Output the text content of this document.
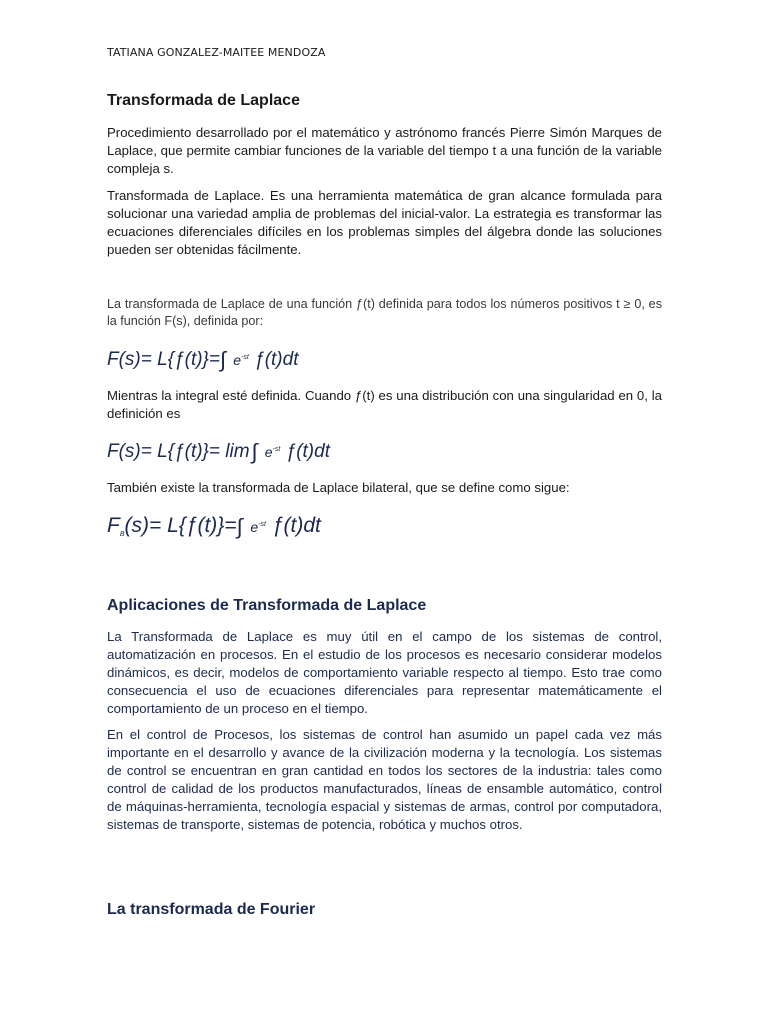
TATIANA GONZALEZ-MAITEE MENDOZA
Transformada de Laplace
Procedimiento desarrollado por el matemático y astrónomo francés Pierre Simón Marques de Laplace, que permite cambiar funciones de la variable del tiempo t a una función de la variable compleja s.
Transformada de Laplace. Es una herramienta matemática de gran alcance formulada para solucionar una variedad amplia de problemas del inicial-valor. La estrategia es transformar las ecuaciones diferenciales difíciles en los problemas simples del álgebra donde las soluciones pueden ser obtenidas fácilmente.
La transformada de Laplace de una función ƒ(t) definida para todos los números positivos t ≥ 0, es la función F(s), definida por:
F(s)= L{ƒ(t)}=∫ $e^{-st}$ ƒ(t)dt
Mientras la integral esté definida. Cuando ƒ(t) es una distribución con una singularidad en 0, la definición es
F(s)= L{ƒ(t)}= lim ∫ $e^{-st}$ ƒ(t)dt
También existe la transformada de Laplace bilateral, que se define como sigue:
$F_B(s)=$ L{ƒ(t)}=∫ $e^{-st}$ ƒ(t)dt
Aplicaciones de Transformada de Laplace
La Transformada de Laplace es muy útil en el campo de los sistemas de control, automatización en procesos. En el estudio de los procesos es necesario considerar modelos dinámicos, es decir, modelos de comportamiento variable respecto al tiempo. Esto trae como consecuencia el uso de ecuaciones diferenciales para representar matemáticamente el comportamiento de un proceso en el tiempo.
En el control de Procesos, los sistemas de control han asumido un papel cada vez más importante en el desarrollo y avance de la civilización moderna y la tecnología. Los sistemas de control se encuentran en gran cantidad en todos los sectores de la industria: tales como control de calidad de los productos manufacturados, líneas de ensamble automático, control de máquinas-herramienta, tecnología espacial y sistemas de armas, control por computadora, sistemas de transporte, sistemas de potencia, robótica y muchos otros.
La transformada de Fourier
